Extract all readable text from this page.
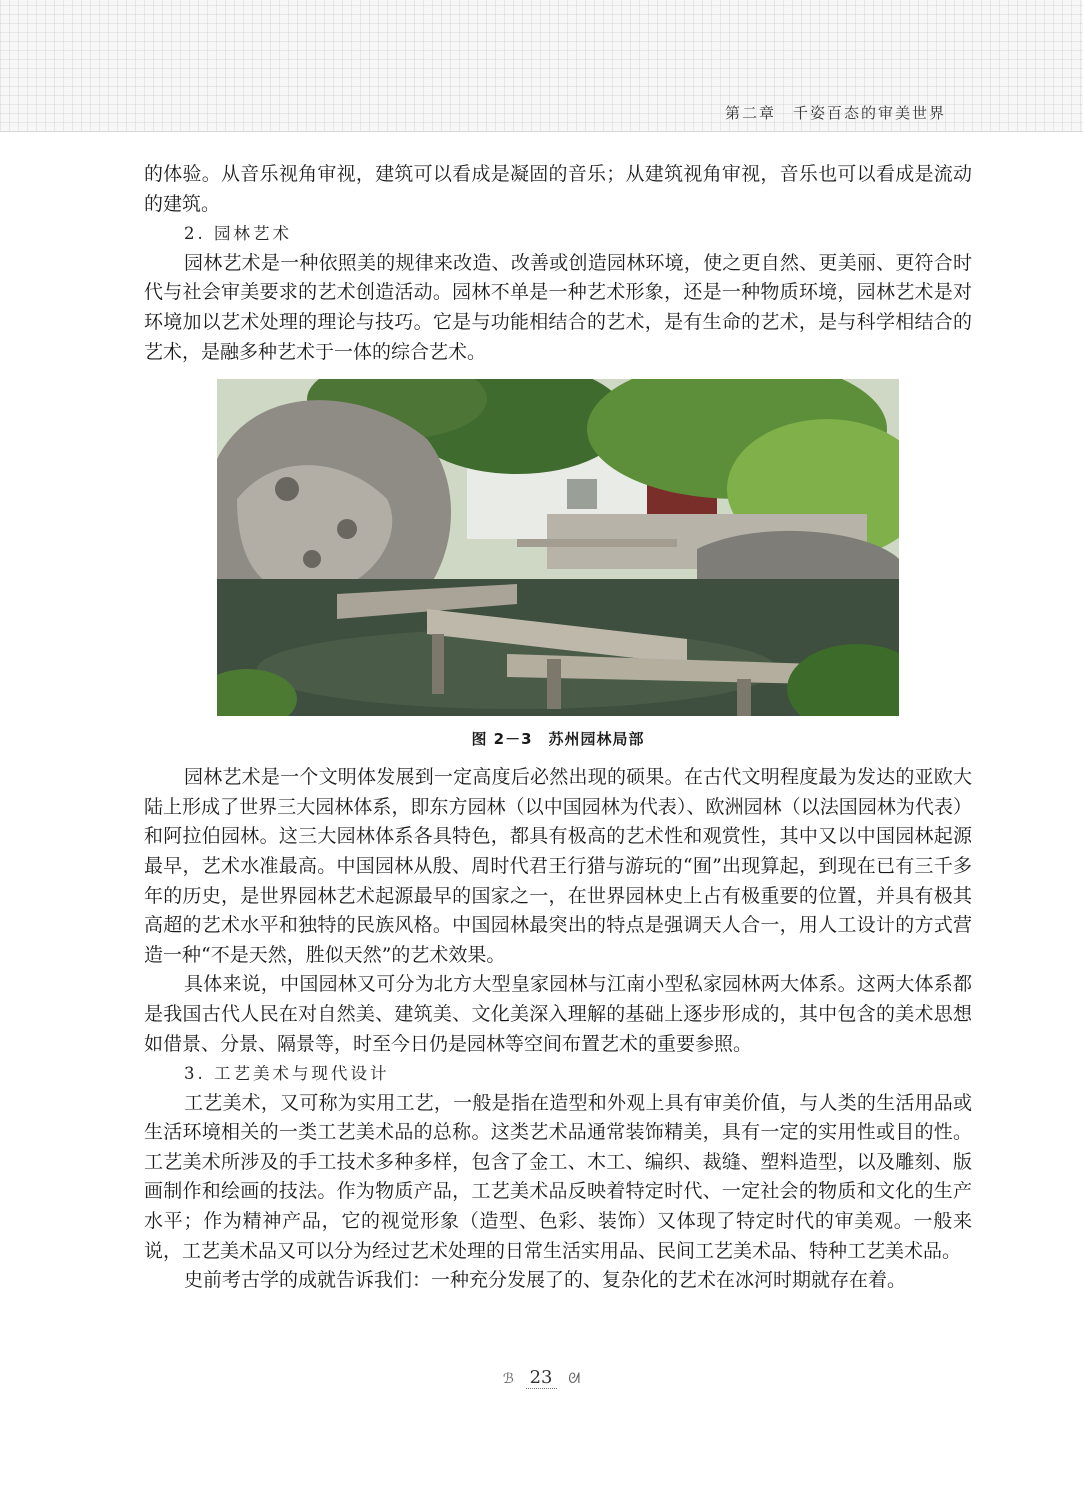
第二章　千姿百态的审美世界

的体验。从音乐视角审视，建筑可以看成是凝固的音乐；从建筑视角审视，音乐也可以看成是流动的建筑。

2. 园林艺术

园林艺术是一种依照美的规律来改造、改善或创造园林环境，使之更自然、更美丽、更符合时代与社会审美要求的艺术创造活动。园林不单是一种艺术形象，还是一种物质环境，园林艺术是对环境加以艺术处理的理论与技巧。它是与功能相结合的艺术，是有生命的艺术，是与科学相结合的艺术，是融多种艺术于一体的综合艺术。

图 2－3　苏州园林局部

园林艺术是一个文明体发展到一定高度后必然出现的硕果。在古代文明程度最为发达的亚欧大陆上形成了世界三大园林体系，即东方园林（以中国园林为代表）、欧洲园林（以法国园林为代表）和阿拉伯园林。这三大园林体系各具特色，都具有极高的艺术性和观赏性，其中又以中国园林起源最早，艺术水准最高。中国园林从殷、周时代君王行猎与游玩的“囿”出现算起，到现在已有三千多年的历史，是世界园林艺术起源最早的国家之一，在世界园林史上占有极重要的位置，并具有极其高超的艺术水平和独特的民族风格。中国园林最突出的特点是强调天人合一，用人工设计的方式营造一种“不是天然，胜似天然”的艺术效果。

具体来说，中国园林又可分为北方大型皇家园林与江南小型私家园林两大体系。这两大体系都是我国古代人民在对自然美、建筑美、文化美深入理解的基础上逐步形成的，其中包含的美术思想如借景、分景、隔景等，时至今日仍是园林等空间布置艺术的重要参照。

3. 工艺美术与现代设计

工艺美术，又可称为实用工艺，一般是指在造型和外观上具有审美价值，与人类的生活用品或生活环境相关的一类工艺美术品的总称。这类艺术品通常装饰精美，具有一定的实用性或目的性。工艺美术所涉及的手工技术多种多样，包含了金工、木工、编织、裁缝、塑料造型，以及雕刻、版画制作和绘画的技法。作为物质产品，工艺美术品反映着特定时代、一定社会的物质和文化的生产水平；作为精神产品，它的视觉形象（造型、色彩、装饰）又体现了特定时代的审美观。一般来说，工艺美术品又可以分为经过艺术处理的日常生活实用品、民间工艺美术品、特种工艺美术品。

史前考古学的成就告诉我们：一种充分发展了的、复杂化的艺术在冰河时期就存在着。

ℬ 23 ᘛ
